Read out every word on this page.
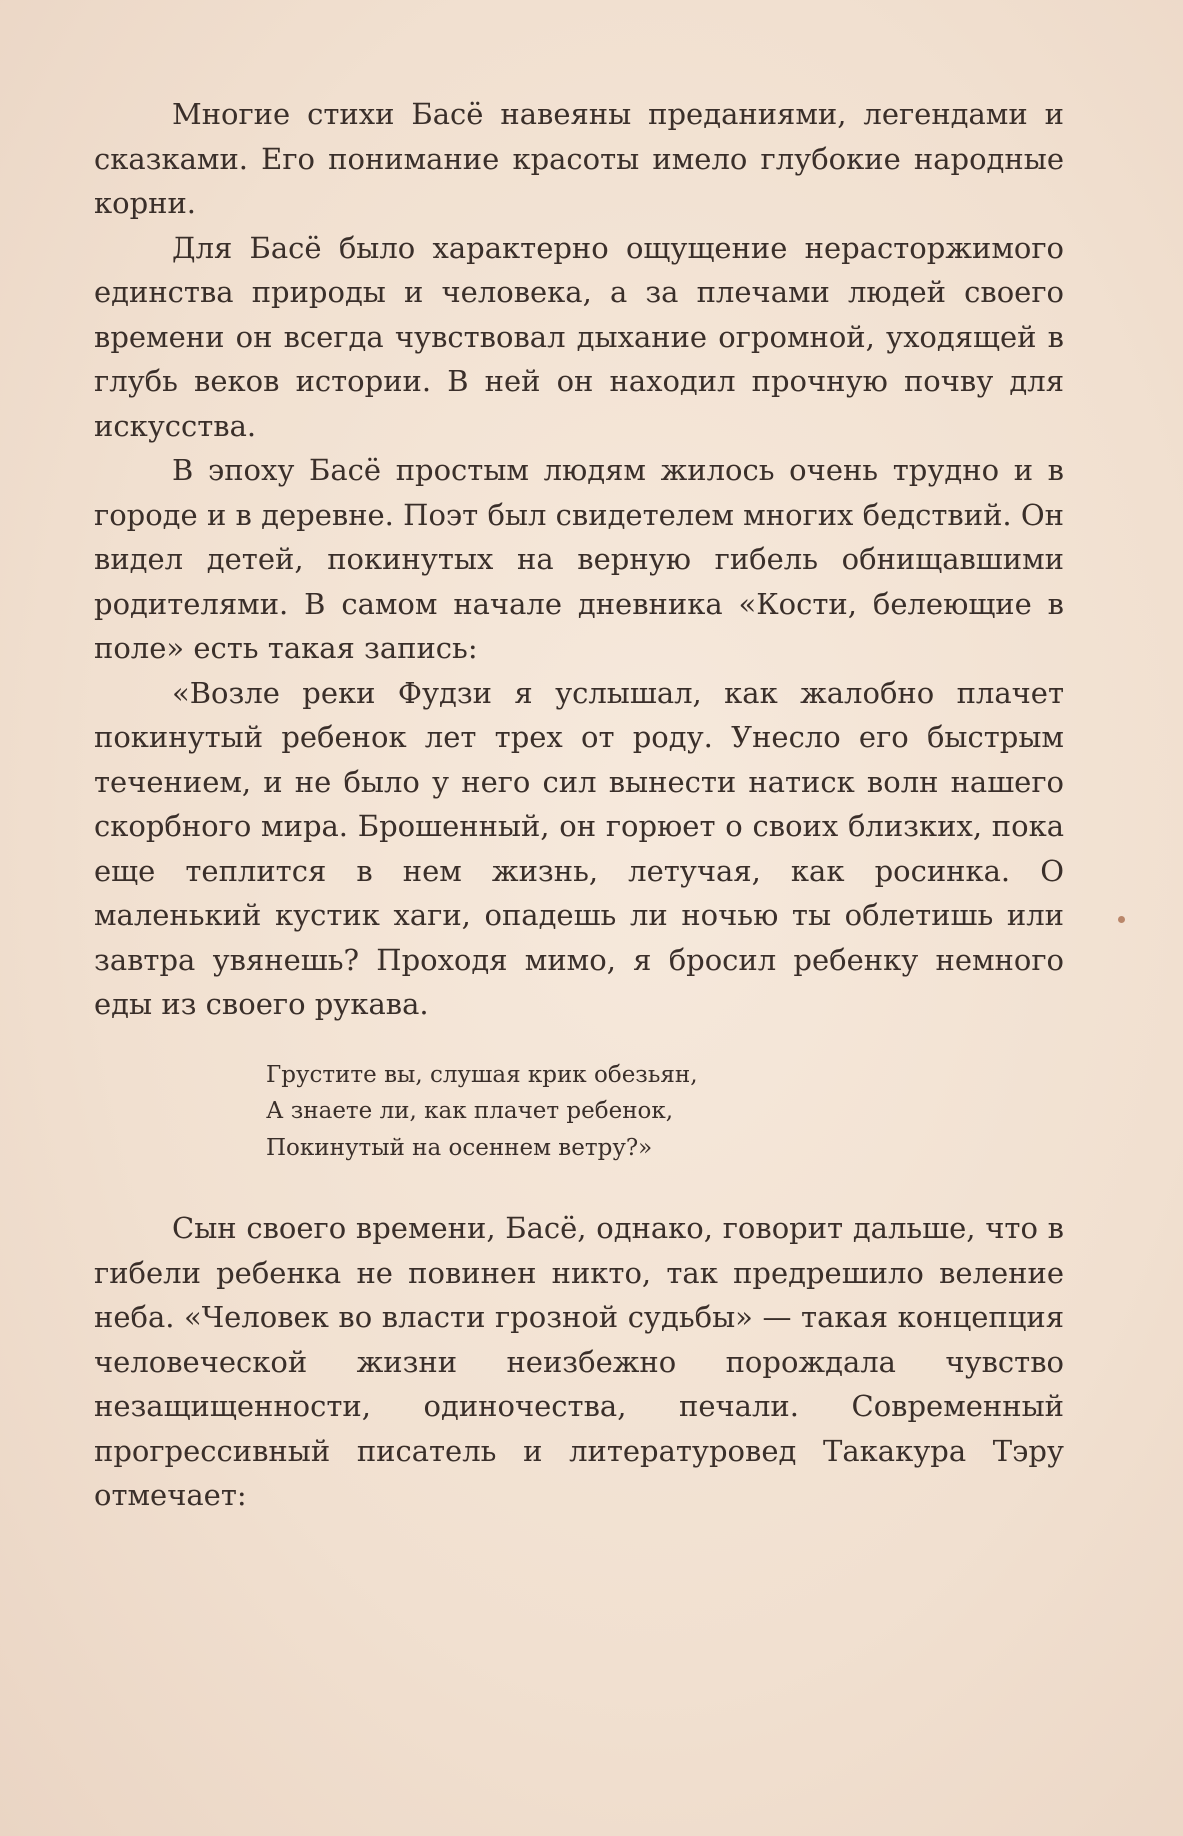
Многие стихи Басё навеяны преданиями, легендами и сказками. Его понимание красоты имело глубокие народные корни.

Для Басё было характерно ощущение нерасторжимого единства природы и человека, а за плечами людей своего времени он всегда чувствовал дыхание огромной, уходящей в глубь веков истории. В ней он находил прочную почву для искусства.

В эпоху Басё простым людям жилось очень трудно и в городе и в деревне. Поэт был свидетелем многих бедствий. Он видел детей, покинутых на верную гибель обнищавшими родителями. В самом начале дневника «Кости, белеющие в поле» есть такая запись:

«Возле реки Фудзи я услышал, как жалобно плачет покинутый ребенок лет трех от роду. Унесло его быстрым течением, и не было у него сил вынести натиск волн нашего скорбного мира. Брошенный, он горюет о своих близких, пока еще теплится в нем жизнь, летучая, как росинка. О маленький кустик хаги, опадешь ли ночью ты облетишь или завтра увянешь? Проходя мимо, я бросил ребенку немного еды из своего рукава.

Грустите вы, слушая крик обезьян,
А знаете ли, как плачет ребенок,
Покинутый на осеннем ветру?»

Сын своего времени, Басё, однако, говорит дальше, что в гибели ребенка не повинен никто, так предрешило веление неба. «Человек во власти грозной судьбы» — такая концепция человеческой жизни неизбежно порождала чувство незащищенности, одиночества, печали. Современный прогрессивный писатель и литературовед Такакура Тэру отмечает:
